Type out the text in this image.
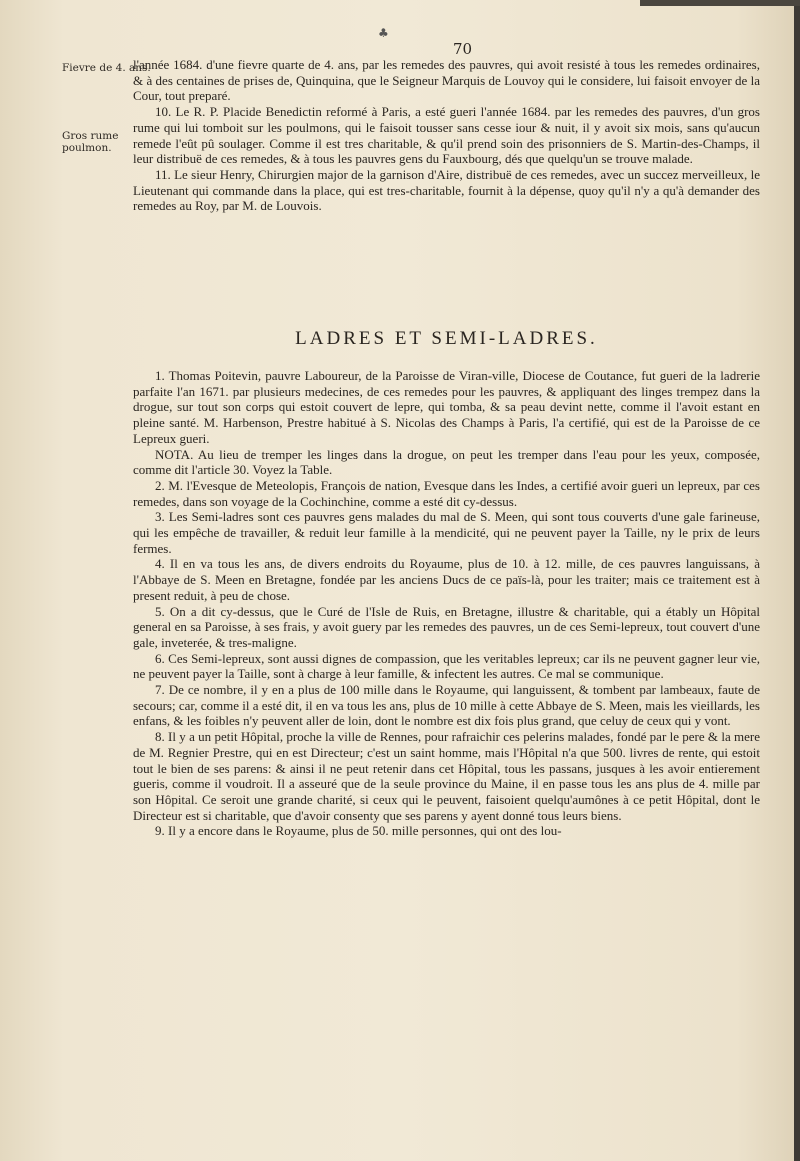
♣
70
Fievre de 4. ans.
Gros rume poulmon.

l'année 1684. d'une fievre quarte de 4. ans, par les remedes des pauvres, qui avoit resisté à tous les remedes ordinaires, & à des centaines de prises de, Quinquina, que le Seigneur Marquis de Louvoy qui le considere, lui faisoit envoyer de la Cour, tout preparé.

10. Le R. P. Placide Benedictin reformé à Paris, a esté gueri l'année 1684. par les remedes des pauvres, d'un gros rume qui lui tomboit sur les poulmons, qui le faisoit tousser sans cesse iour & nuit, il y avoit six mois, sans qu'aucun remede l'eût pû soulager. Comme il est tres charitable, & qu'il prend soin des prisonniers de S. Martin-des-Champs, il leur distribuë de ces remedes, & à tous les pauvres gens du Fauxbourg, dés que quelqu'un se trouve malade.

11. Le sieur Henry, Chirurgien major de la garnison d'Aire, distribuë de ces remedes, avec un succez merveilleux, le Lieutenant qui commande dans la place, qui est tres-charitable, fournit à la dépense, quoy qu'il n'y a qu'à demander des remedes au Roy, par M. de Louvois.

LADRES ET SEMI-LADRES.

1. Thomas Poitevin, pauvre Laboureur, de la Paroisse de Viran-ville, Diocese de Coutance, fut gueri de la ladrerie parfaite l'an 1671. par plusieurs medecines, de ces remedes pour les pauvres, & appliquant des linges trempez dans la drogue, sur tout son corps qui estoit couvert de lepre, qui tomba, & sa peau devint nette, comme il l'avoit estant en pleine santé. M. Harbenson, Prestre habitué à S. Nicolas des Champs à Paris, l'a certifié, qui est de la Paroisse de ce Lepreux gueri.

NOTA. Au lieu de tremper les linges dans la drogue, on peut les tremper dans l'eau pour les yeux, composée, comme dit l'article 30. Voyez la Table.

2. M. l'Evesque de Meteolopis, François de nation, Evesque dans les Indes, a certifié avoir gueri un lepreux, par ces remedes, dans son voyage de la Cochinchine, comme a esté dit cy-dessus.

3. Les Semi-ladres sont ces pauvres gens malades du mal de S. Meen, qui sont tous couverts d'une gale farineuse, qui les empêche de travailler, & reduit leur famille à la mendicité, qui ne peuvent payer la Taille, ny le prix de leurs fermes.

4. Il en va tous les ans, de divers endroits du Royaume, plus de 10. à 12. mille, de ces pauvres languissans, à l'Abbaye de S. Meen en Bretagne, fondée par les anciens Ducs de ce païs-là, pour les traiter; mais ce traitement est à present reduit, à peu de chose.

5. On a dit cy-dessus, que le Curé de l'Isle de Ruis, en Bretagne, illustre & charitable, qui a étably un Hôpital general en sa Paroisse, à ses frais, y avoit guery par les remedes des pauvres, un de ces Semi-lepreux, tout couvert d'une gale, inveterée, & tres-maligne.

6. Ces Semi-lepreux, sont aussi dignes de compassion, que les veritables lepreux; car ils ne peuvent gagner leur vie, ne peuvent payer la Taille, sont à charge à leur famille, & infectent les autres. Ce mal se communique.

7. De ce nombre, il y en a plus de 100 mille dans le Royaume, qui languissent, & tombent par lambeaux, faute de secours; car, comme il a esté dit, il en va tous les ans, plus de 10 mille à cette Abbaye de S. Meen, mais les vieillards, les enfans, & les foibles n'y peuvent aller de loin, dont le nombre est dix fois plus grand, que celuy de ceux qui y vont.

8. Il y a un petit Hôpital, proche la ville de Rennes, pour rafraichir ces pelerins malades, fondé par le pere & la mere de M. Regnier Prestre, qui en est Directeur; c'est un saint homme, mais l'Hôpital n'a que 500. livres de rente, qui estoit tout le bien de ses parens: & ainsi il ne peut retenir dans cet Hôpital, tous les passans, jusques à les avoir entierement gueris, comme il voudroit. Il a asseuré que de la seule province du Maine, il en passe tous les ans plus de 4. mille par son Hôpital. Ce seroit une grande charité, si ceux qui le peuvent, faisoient quelqu'aumônes à ce petit Hôpital, dont le Directeur est si charitable, que d'avoir consenty que ses parens y ayent donné tous leurs biens.

9. Il y a encore dans le Royaume, plus de 50. mille personnes, qui ont des lou-
